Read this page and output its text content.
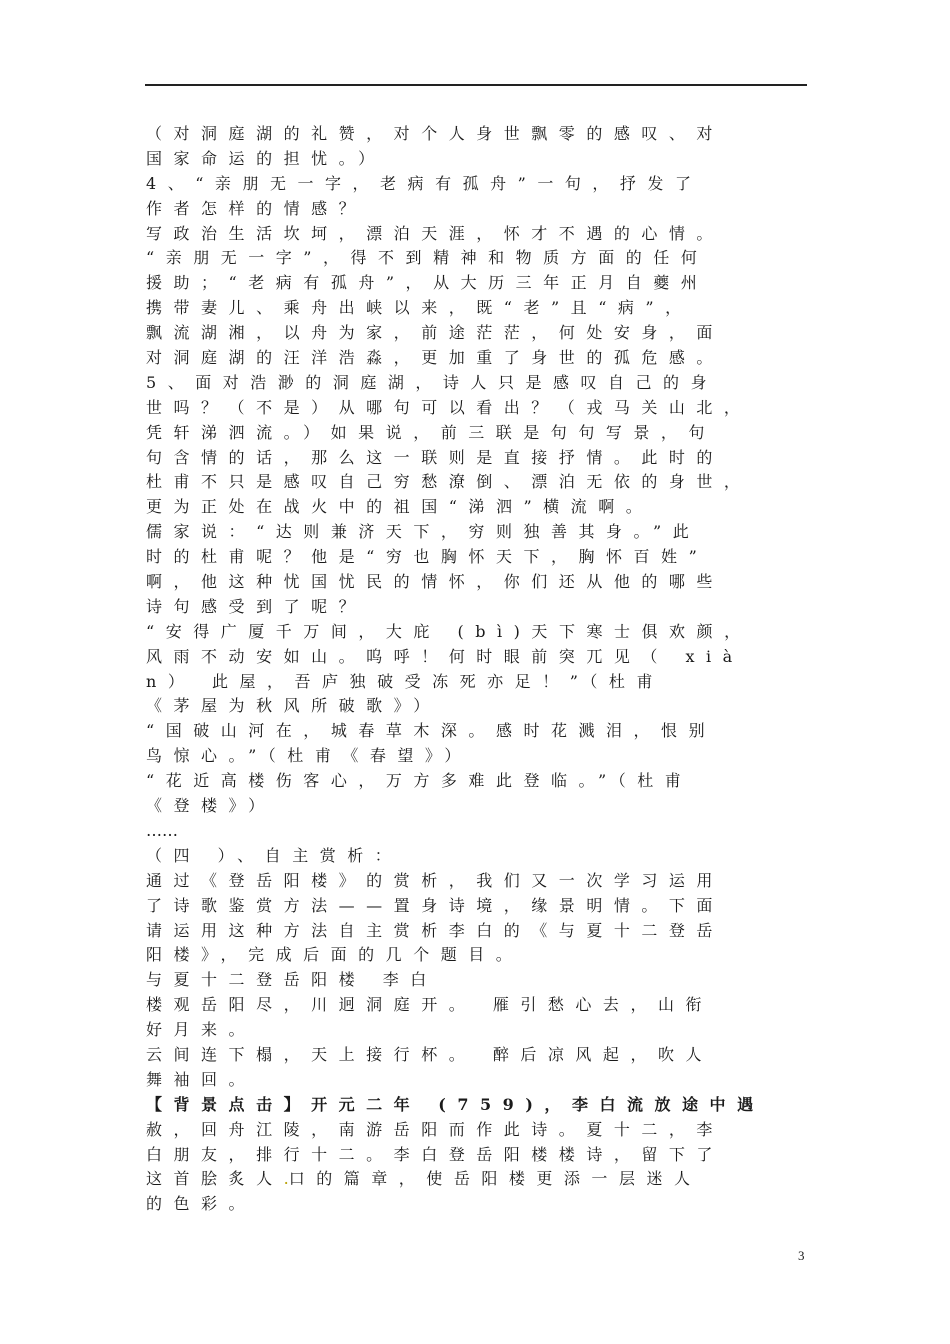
（对洞庭湖的礼赞，对个人身世飘零的感叹、对
国家命运的担忧。）
4、“亲朋无一字，老病有孤舟”一句，抒发了
作者怎样的情感？
写政治生活坎坷，漂泊天涯，怀才不遇的心情。
“亲朋无一字”，得不到精神和物质方面的任何
援助；“老病有孤舟”，从大历三年正月自夔州
携带妻儿、乘舟出峡以来，既“老”且“病”，
飘流湖湘，以舟为家，前途茫茫，何处安身，面
对洞庭湖的汪洋浩淼，更加重了身世的孤危感。
5、面对浩渺的洞庭湖，诗人只是感叹自己的身
世吗？（不是）从哪句可以看出？（戎马关山北，
凭轩涕泗流。）如果说，前三联是句句写景，句
句含情的话，那么这一联则是直接抒情。此时的
杜甫不只是感叹自己穷愁潦倒、漂泊无依的身世，
更为正处在战火中的祖国“涕泗”横流啊。
儒家说：“达则兼济天下，穷则独善其身。”此
时的杜甫呢？他是“穷也胸怀天下，胸怀百姓”
啊，他这种忧国忧民的情怀，你们还从他的哪些
诗句感受到了呢？
“安得广厦千万间，大庇 (bì)天下寒士俱欢颜，
风雨不动安如山。呜呼！何时眼前突兀见（ xià
n） 此屋，吾庐独破受冻死亦足！”（杜甫
《茅屋为秋风所破歌》）
“国破山河在，城春草木深。感时花溅泪，恨别
鸟惊心。”（杜甫《春望》）
“花近高楼伤客心，万方多难此登临。”（杜甫
《登楼》）
……
（四 ）、自主赏析：
通过《登岳阳楼》的赏析，我们又一次学习运用
了诗歌鉴赏方法——置身诗境，缘景明情。下面
请运用这种方法自主赏析李白的《与夏十二登岳
阳楼》，完成后面的几个题目。
与夏十二登岳阳楼 李白
楼观岳阳尽，川迥洞庭开。 雁引愁心去，山衔
好月来。
云间连下榻，天上接行杯。 醉后凉风起，吹人
舞袖回。
【背景点击】开元二年 (759)，李白流放途中遇
赦，回舟江陵，南游岳阳而作此诗。夏十二，李
白朋友，排行十二。李白登岳阳楼楼诗，留下了
这首脍炙人.口的篇章，使岳阳楼更添一层迷人
的色彩。
3
